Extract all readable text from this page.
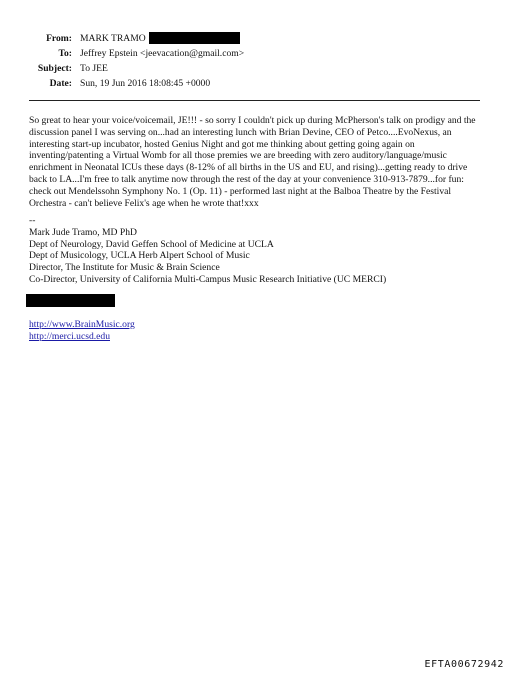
From: MARK TRAMO
To: Jeffrey Epstein <jeevacation@gmail.com>
Subject: To JEE
Date: Sun, 19 Jun 2016 18:08:45 +0000

So great to hear your voice/voicemail, JE!!! - so sorry I couldn't pick up during McPherson's talk on prodigy and the discussion panel I was serving on...had an interesting lunch with Brian Devine, CEO of Petco....EvoNexus, an interesting start-up incubator, hosted Genius Night and got me thinking about getting going again on inventing/patenting a Virtual Womb for all those premies we are breeding with zero auditory/language/music enrichment in Neonatal ICUs these days (8-12% of all births in the US and EU, and rising)...getting ready to drive back to LA...I'm free to talk anytime now through the rest of the day at your convenience 310-913-7879...for fun: check out Mendelssohn Symphony No. 1 (Op. 11) - performed last night at the Balboa Theatre by the Festival Orchestra - can't believe Felix's age when he wrote that!xxx

--
Mark Jude Tramo, MD PhD
Dept of Neurology, David Geffen School of Medicine at UCLA
Dept of Musicology, UCLA Herb Alpert School of Music
Director, The Institute for Music & Brain Science
Co-Director, University of California Multi-Campus Music Research Initiative (UC MERCI)
http://www.BrainMusic.org
http://merci.ucsd.edu
EFTA00672942
